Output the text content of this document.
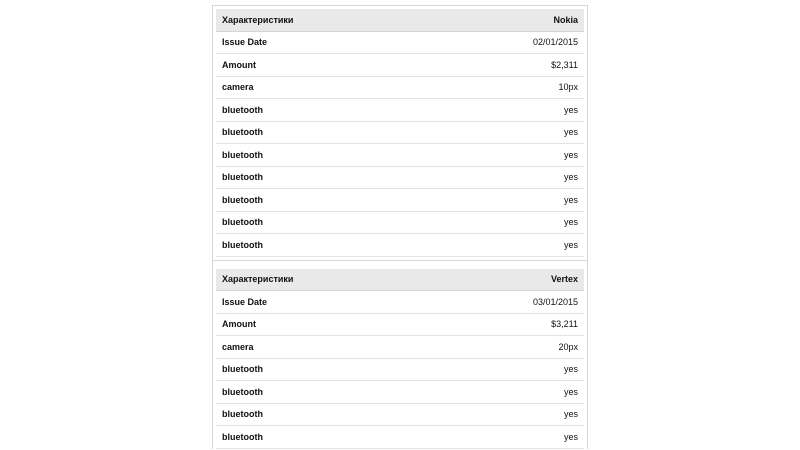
Характеристики	Nokia
Issue Date	02/01/2015
Amount	$2,311
camera	10px
bluetooth	yes
bluetooth	yes
bluetooth	yes
bluetooth	yes
bluetooth	yes
bluetooth	yes
bluetooth	yes
Характеристики	Vertex
Issue Date	03/01/2015
Amount	$3,211
camera	20px
bluetooth	yes
bluetooth	yes
bluetooth	yes
bluetooth	yes
